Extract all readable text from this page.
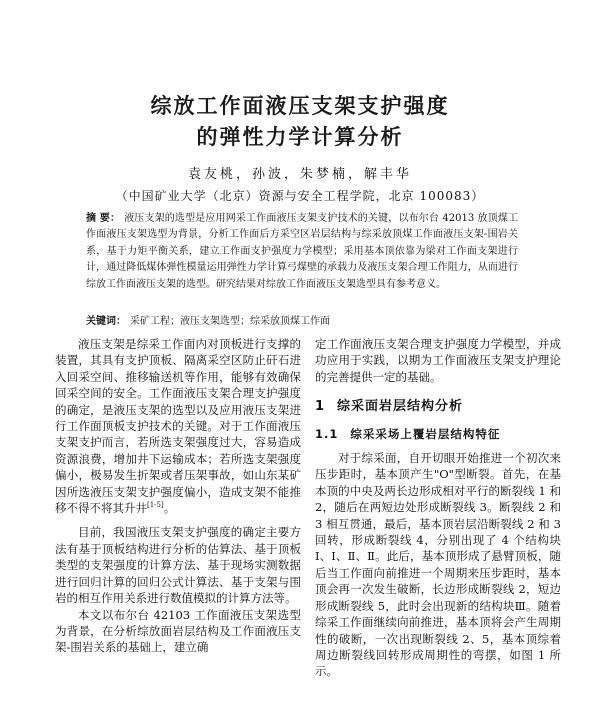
综放工作面液压支架支护强度
的弹性力学计算分析
袁友桃，孙波，朱梦楠，解丰华
（中国矿业大学（北京）资源与安全工程学院，北京 100083）
摘 要： 液压支架的选型是应用网采工作面液压支架支护技术的关键，以布尔台 42013 放顶煤工作面液压支架选型为背景，分析工作面后方采空区岩层结构与综采放顶煤工作面液压支架-围岩关系，基于力矩平衡关系，建立工作面支护强度力学模型；采用基本顶依靠为梁对工作面支架进行计，通过降低煤体弹性模量运用弹性力学计算弓煤壁的承载力及液压支架合理工作阻力，从而进行综放工作面液压支架的选型。研究结果对综放工作面液压支架选型具有参考意义。
关键词： 采矿工程；液压支架选型；综采放顶煤工作面

液压支架是综采工作面内对顶板进行支撑的装置，其具有支护顶板、隔离采空区防止矸石进入回采空间、推移输送机等作用，能够有效确保回采空间的安全。工作面液压支架合理支护强度的确定，是液压支架的选型以及应用液压支架进行工作面顶板支护技术的关键。对于工作面液压支架支护而言，若所选支架强度过大，容易造成资源浪费，增加井下运输成本；若所选支架强度偏小，极易发生折架或者压架事故，如山东某矿因所选液压支架支护强度偏小，造成支架不能推移不得不将其升井[1-5]。

目前，我国液压支架支护强度的确定主要方法有基于顶板结构进行分析的估算法、基于顶板类型的支架强度的计算方法、基于现场实测数据进行回归计算的回归公式计算法、基于支架与围岩的相互作用关系进行数值模拟的计算方法等。

本文以布尔台 42103 工作面液压支架选型为背景，在分析综放面岩层结构及工作面液压支架-围岩关系的基础上，建立确

定工作面液压支架合理支护强度力学模型，并成功应用于实践，以期为工作面液压支架支护理论的完善提供一定的基础。

1 综采面岩层结构分析
1.1 综采采场上覆岩层结构特征

对于综采面，自开切眼开始推进一个初次来压步距时，基本顶产生"O"型断裂。首先，在基本顶的中央及两长边形成相对平行的断裂线 1 和 2，随后在两短边处形成断裂线 3。断裂线 2 和 3 相互贯通，最后，基本顶岩层沿断裂线 2 和 3 回转，形成断裂线 4，分别出现了 4 个结构块 Ⅰ、Ⅰ、Ⅱ、Ⅱ。此后，基本顶形成了悬臂顶板，随后当工作面向前推进一个周期来压步距时，基本顶会再一次发生破断，长边形成断裂线 2，短边形成断裂线 5，此时会出现新的结构块Ⅲ。随着综采工作面继续向前推进，基本顶将会产生周期性的破断，一次出现断裂线 2、5，基本顶综着周边断裂线回转形成周期性的弯摆，如图 1 所示。
